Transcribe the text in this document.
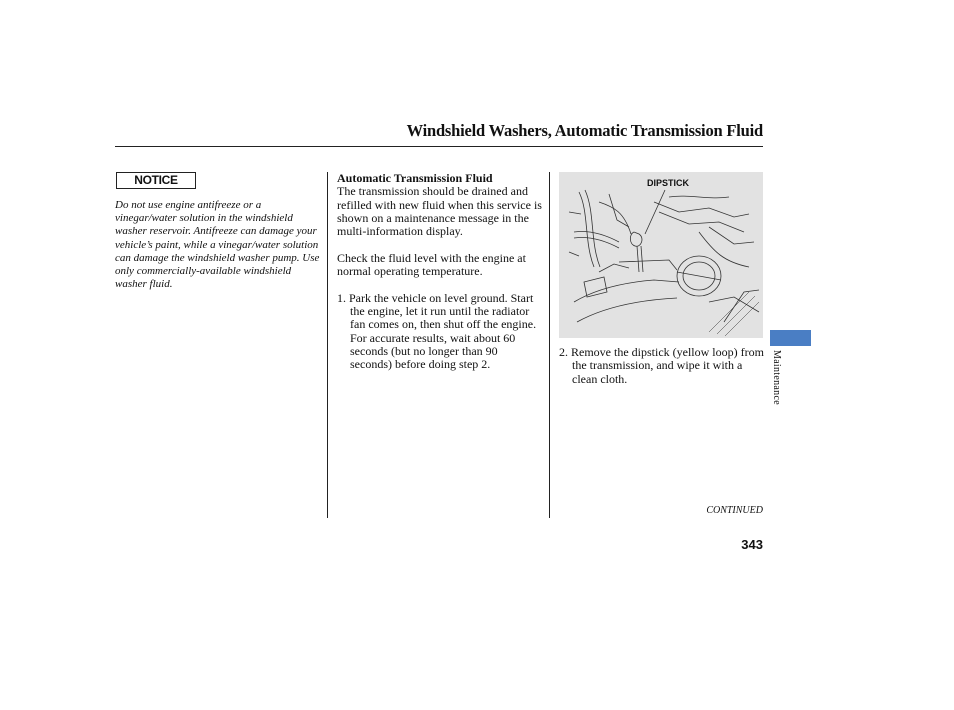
Windshield Washers, Automatic Transmission Fluid
NOTICE
Do not use engine antifreeze or a vinegar/water solution in the windshield washer reservoir. Antifreeze can damage your vehicle’s paint, while a vinegar/water solution can damage the windshield washer pump. Use only commercially-available windshield washer fluid.

Automatic Transmission Fluid

The transmission should be drained and refilled with new fluid when this service is shown on a maintenance message in the multi-information display.

Check the fluid level with the engine at normal operating temperature.

1. Park the vehicle on level ground. Start the engine, let it run until the radiator fan comes on, then shut off the engine. For accurate results, wait about 60 seconds (but no longer than 90 seconds) before doing step 2.

DIPSTICK

2. Remove the dipstick (yellow loop) from the transmission, and wipe it with a clean cloth.

CONTINUED
343
Maintenance
